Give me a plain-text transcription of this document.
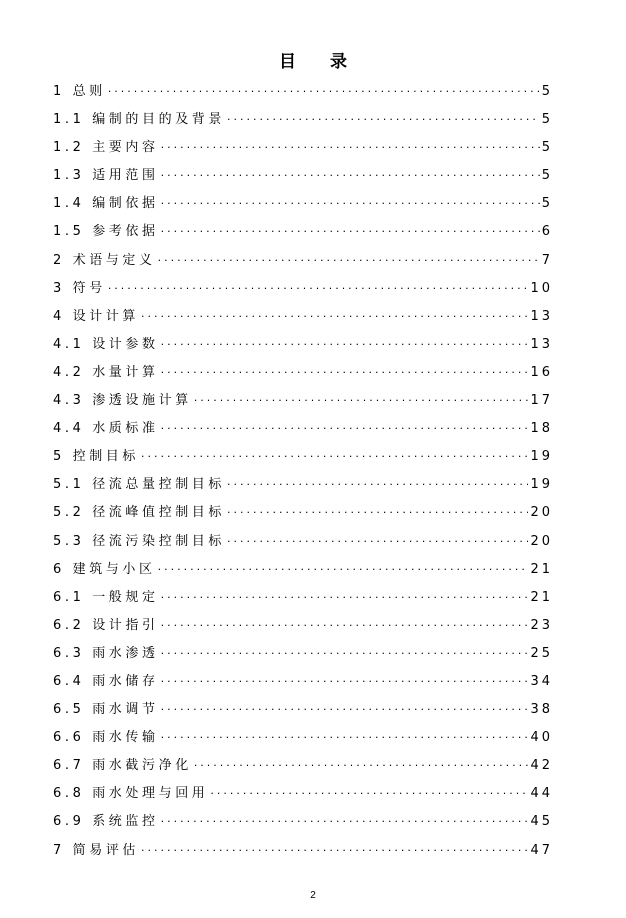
目 录
1 总则 ·····	5
1.1 编制的目的及背景 ·····	5
1.2 主要内容 ·····	5
1.3 适用范围 ·····	5
1.4 编制依据 ·····	5
1.5 参考依据 ·····	6
2 术语与定义 ·····	7
3 符号 ·····	10
4 设计计算 ·····	13
4.1 设计参数 ·····	13
4.2 水量计算 ·····	16
4.3 渗透设施计算 ·····	17
4.4 水质标准 ·····	18
5 控制目标 ·····	19
5.1 径流总量控制目标 ·····	19
5.2 径流峰值控制目标 ·····	20
5.3 径流污染控制目标 ·····	20
6 建筑与小区 ·····	21
6.1 一般规定 ·····	21
6.2 设计指引 ·····	23
6.3 雨水渗透 ·····	25
6.4 雨水储存 ·····	34
6.5 雨水调节 ·····	38
6.6 雨水传输 ·····	40
6.7 雨水截污净化 ·····	42
6.8 雨水处理与回用 ·····	44
6.9 系统监控 ·····	45
7 简易评估 ·····	47
2
